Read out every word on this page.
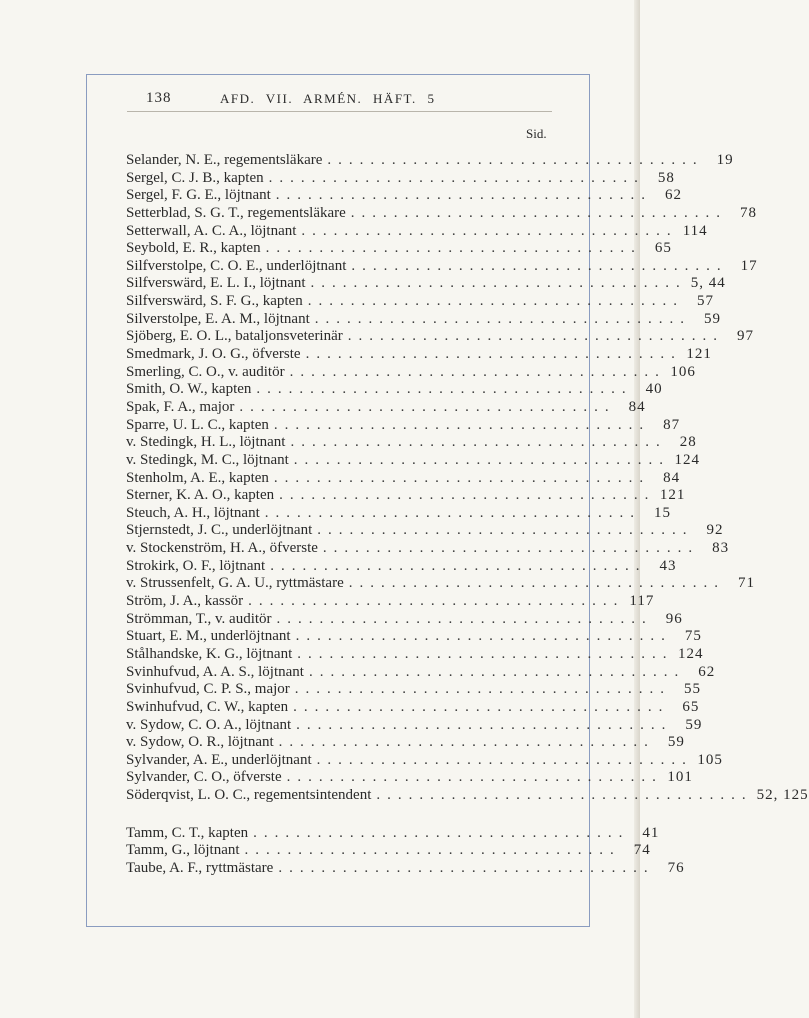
138	AFD. VII. ARMÉN. HÄFT. 5
Sid.
Selander, N. E., regementsläkare ................................... 19
Sergel, C. J. B., kapten ................................... 58
Sergel, F. G. E., löjtnant ................................... 62
Setterblad, S. G. T., regementsläkare ................................... 78
Setterwall, A. C. A., löjtnant ................................... 114
Seybold, E. R., kapten ................................... 65
Silfverstolpe, C. O. E., underlöjtnant ................................... 17
Silfverswärd, E. L. I., löjtnant ................................... 5, 44
Silfverswärd, S. F. G., kapten ................................... 57
Silverstolpe, E. A. M., löjtnant ................................... 59
Sjöberg, E. O. L., bataljonsveterinär ................................... 97
Smedmark, J. O. G., öfverste ................................... 121
Smerling, C. O., v. auditör ................................... 106
Smith, O. W., kapten ................................... 40
Spak, F. A., major ................................... 84
Sparre, U. L. C., kapten ................................... 87
v. Stedingk, H. L., löjtnant ................................... 28
v. Stedingk, M. C., löjtnant ................................... 124
Stenholm, A. E., kapten ................................... 84
Sterner, K. A. O., kapten ................................... 121
Steuch, A. H., löjtnant ................................... 15
Stjernstedt, J. C., underlöjtnant ................................... 92
v. Stockenström, H. A., öfverste ................................... 83
Strokirk, O. F., löjtnant ................................... 43
v. Strussenfelt, G. A. U., ryttmästare ................................... 71
Ström, J. A., kassör ................................... 117
Strömman, T., v. auditör ................................... 96
Stuart, E. M., underlöjtnant ................................... 75
Stålhandske, K. G., löjtnant ................................... 124
Svinhufvud, A. A. S., löjtnant ................................... 62
Svinhufvud, C. P. S., major ................................... 55
Swinhufvud, C. W., kapten ................................... 65
v. Sydow, C. O. A., löjtnant ................................... 59
v. Sydow, O. R., löjtnant ................................... 59
Sylvander, A. E., underlöjtnant ................................... 105
Sylvander, C. O., öfverste ................................... 101
Söderqvist, L. O. C., regementsintendent ................................... 52, 125
Tamm, C. T., kapten ................................... 41
Tamm, G., löjtnant ................................... 74
Taube, A. F., ryttmästare ................................... 76
